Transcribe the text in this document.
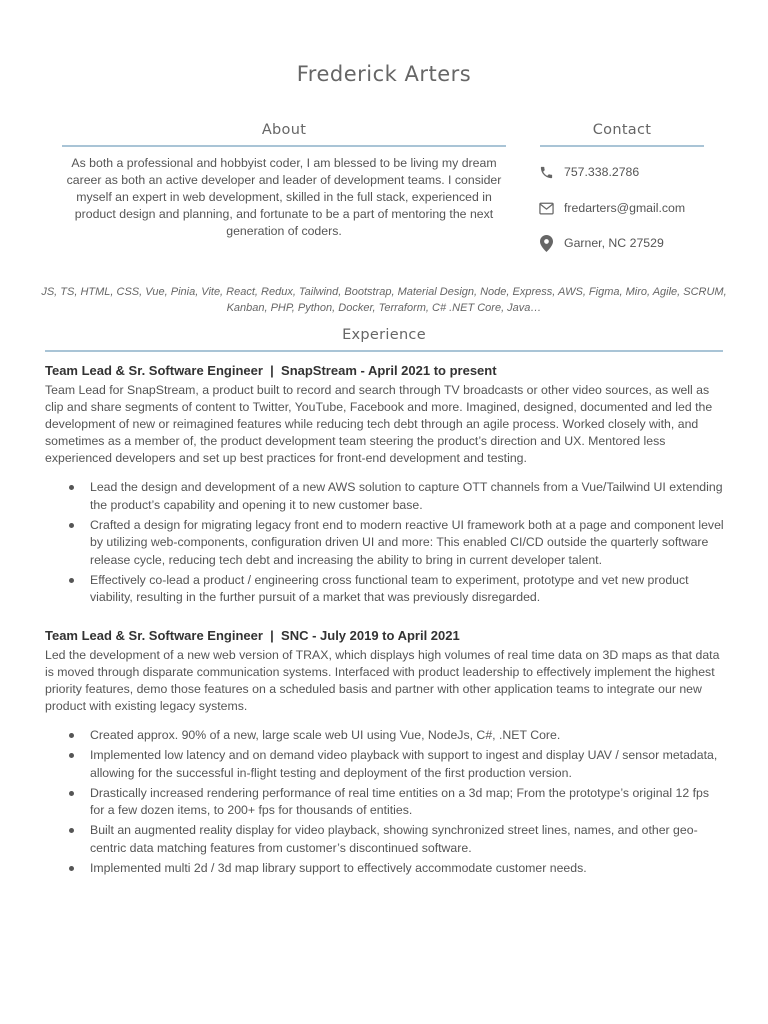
Frederick Arters
About
As both a professional and hobbyist coder, I am blessed to be living my dream career as both an active developer and leader of development teams. I consider myself an expert in web development, skilled in the full stack, experienced in product design and planning, and fortunate to be a part of mentoring the next generation of coders.
Contact
757.338.2786
fredarters@gmail.com
Garner, NC 27529
JS, TS, HTML, CSS, Vue, Pinia, Vite, React, Redux, Tailwind, Bootstrap, Material Design, Node, Express, AWS, Figma, Miro, Agile, SCRUM, Kanban, PHP, Python, Docker, Terraform, C# .NET Core, Java…
Experience
Team Lead & Sr. Software Engineer  |  SnapStream - April 2021 to present
Team Lead for SnapStream, a product built to record and search through TV broadcasts or other video sources, as well as clip and share segments of content to Twitter, YouTube, Facebook and more. Imagined, designed, documented and led the development of new or reimagined features while reducing tech debt through an agile process. Worked closely with, and sometimes as a member of, the product development team steering the product’s direction and UX. Mentored less experienced developers and set up best practices for front-end development and testing.
Lead the design and development of a new AWS solution to capture OTT channels from a Vue/Tailwind UI extending the product’s capability and opening it to new customer base.
Crafted a design for migrating legacy front end to modern reactive UI framework both at a page and component level by utilizing web-components, configuration driven UI and more: This enabled CI/CD outside the quarterly software release cycle, reducing tech debt and increasing the ability to bring in current developer talent.
Effectively co-lead a product / engineering cross functional team to experiment, prototype and vet new product viability, resulting in the further pursuit of a market that was previously disregarded.
Team Lead & Sr. Software Engineer  |  SNC - July 2019 to April 2021
Led the development of a new web version of TRAX, which displays high volumes of real time data on 3D maps as that data is moved through disparate communication systems. Interfaced with product leadership to effectively implement the highest priority features, demo those features on a scheduled basis and partner with other application teams to integrate our new product with existing legacy systems.
Created approx. 90% of a new, large scale web UI using Vue, NodeJs, C#, .NET Core.
Implemented low latency and on demand video playback with support to ingest and display UAV / sensor metadata, allowing for the successful in-flight testing and deployment of the first production version.
Drastically increased rendering performance of real time entities on a 3d map; From the prototype’s original 12 fps for a few dozen items, to 200+ fps for thousands of entities.
Built an augmented reality display for video playback, showing synchronized street lines, names, and other geo-centric data matching features from customer’s discontinued software.
Implemented multi 2d / 3d map library support to effectively accommodate customer needs.
